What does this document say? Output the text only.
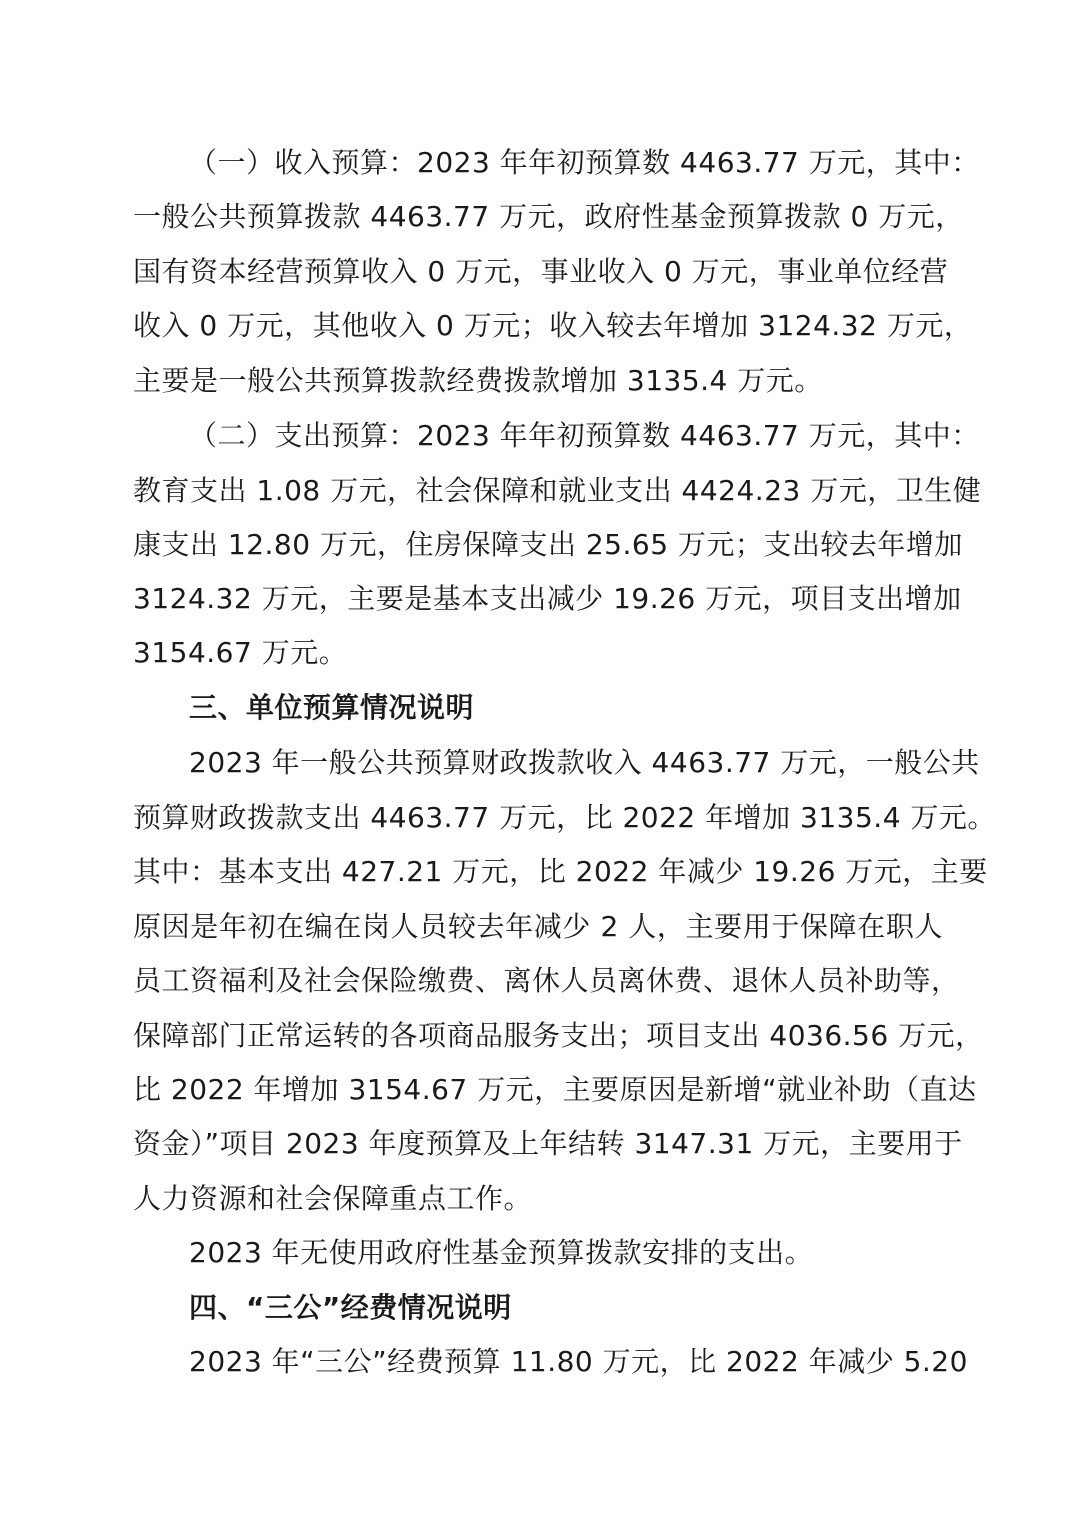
（一）收入预算：2023 年年初预算数 4463.77 万元，其中：
一般公共预算拨款 4463.77 万元，政府性基金预算拨款 0 万元，
国有资本经营预算收入 0 万元，事业收入 0 万元，事业单位经营
收入 0 万元，其他收入 0 万元；收入较去年增加 3124.32 万元，
主要是一般公共预算拨款经费拨款增加 3135.4 万元。
（二）支出预算：2023 年年初预算数 4463.77 万元，其中：
教育支出 1.08 万元，社会保障和就业支出 4424.23 万元，卫生健
康支出 12.80 万元，住房保障支出 25.65 万元；支出较去年增加
3124.32 万元，主要是基本支出减少 19.26 万元，项目支出增加
3154.67 万元。
三、单位预算情况说明
2023 年一般公共预算财政拨款收入 4463.77 万元，一般公共
预算财政拨款支出 4463.77 万元，比 2022 年增加 3135.4 万元。
其中：基本支出 427.21 万元，比 2022 年减少 19.26 万元，主要
原因是年初在编在岗人员较去年减少 2 人，主要用于保障在职人
员工资福利及社会保险缴费、离休人员离休费、退休人员补助等，
保障部门正常运转的各项商品服务支出；项目支出 4036.56 万元，
比 2022 年增加 3154.67 万元，主要原因是新增“就业补助（直达
资金）”项目 2023 年度预算及上年结转 3147.31 万元，主要用于
人力资源和社会保障重点工作。
2023 年无使用政府性基金预算拨款安排的支出。
四、“三公”经费情况说明
2023 年“三公”经费预算 11.80 万元，比 2022 年减少 5.20
